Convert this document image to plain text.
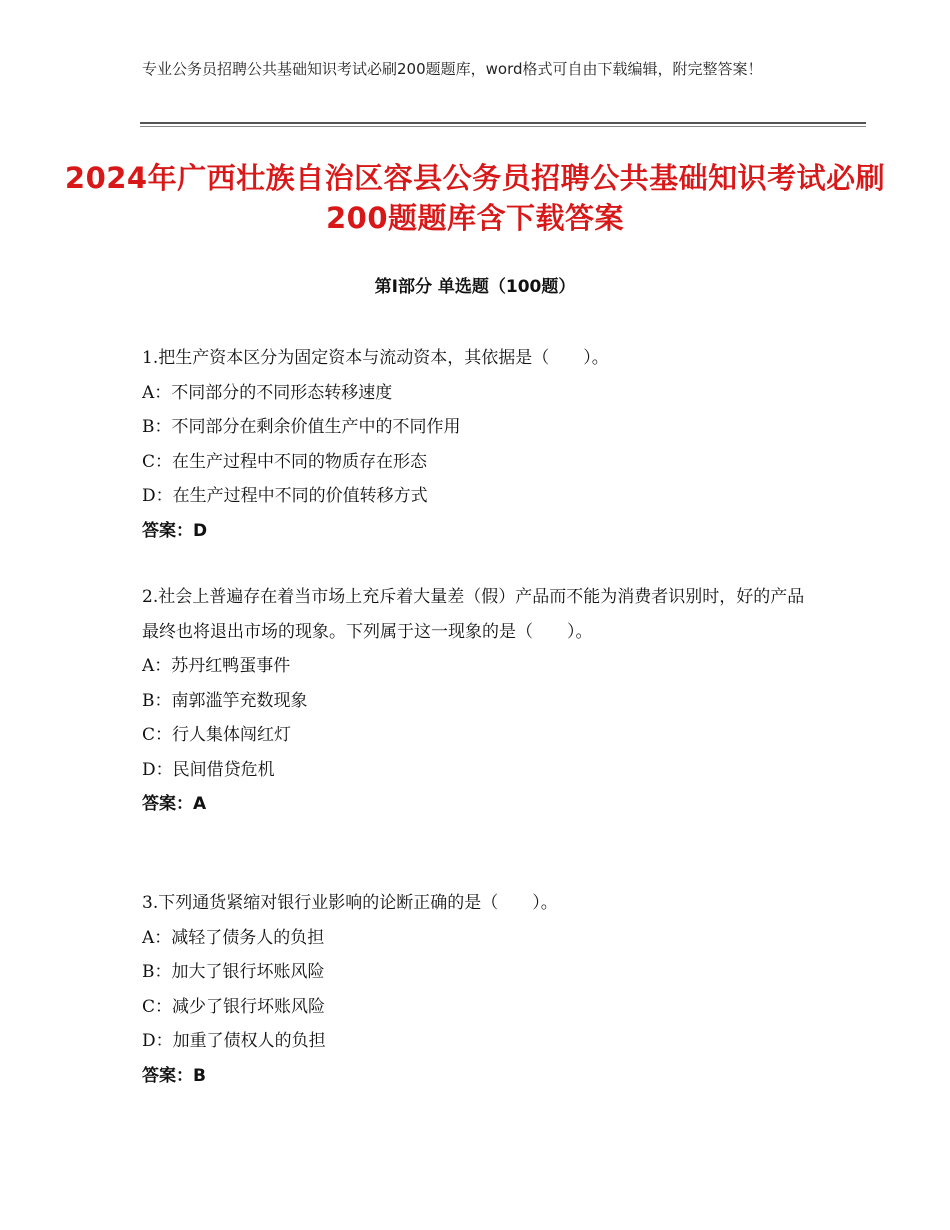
专业公务员招聘公共基础知识考试必刷200题题库，word格式可自由下载编辑，附完整答案！
2024年广西壮族自治区容县公务员招聘公共基础知识考试必刷200题题库含下载答案
第Ⅰ部分 单选题（100题）

1.把生产资本区分为固定资本与流动资本，其依据是（　　）。

A：不同部分的不同形态转移速度

B：不同部分在剩余价值生产中的不同作用

C：在生产过程中不同的物质存在形态

D：在生产过程中不同的价值转移方式

答案：D

2.社会上普遍存在着当市场上充斥着大量差（假）产品而不能为消费者识别时，好的产品最终也将退出市场的现象。下列属于这一现象的是（　　）。

A：苏丹红鸭蛋事件

B：南郭滥竽充数现象

C：行人集体闯红灯

D：民间借贷危机

答案：A

3.下列通货紧缩对银行业影响的论断正确的是（　　）。

A：减轻了债务人的负担

B：加大了银行坏账风险

C：减少了银行坏账风险

D：加重了债权人的负担

答案：B
